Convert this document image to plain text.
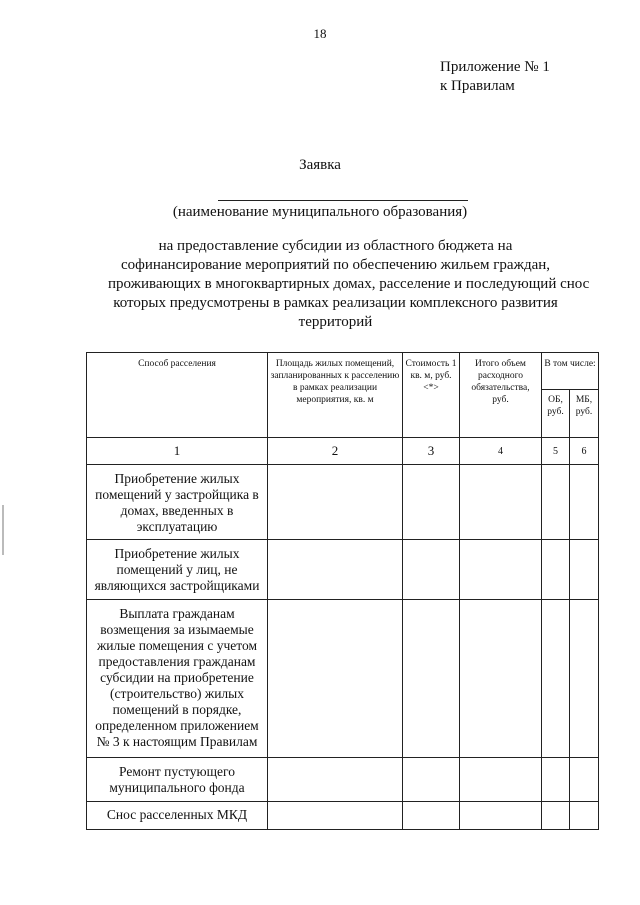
18
Приложение № 1
к Правилам
Заявка
(наименование муниципального образования)
на предоставление субсидии из областного бюджета на
софинансирование мероприятий по обеспечению жильем граждан,
проживающих в многоквартирных домах, расселение и последующий снос
которых предусмотрены в рамках реализации комплексного развития
территорий
Способ расселения	Площадь жилых помещений, запланированных к расселению в рамках реализации мероприятия, кв. м	Стоимость 1 кв. м, руб. <*>	Итого объем расходного обязательства, руб.	В том числе:	
				ОБ, руб.	МБ, руб.
1	2	3	4	5	6
Приобретение жилых помещений у застройщика в домах, введенных в эксплуатацию					
Приобретение жилых помещений у лиц, не являющихся застройщиками					
Выплата гражданам возмещения за изымаемые жилые помещения с учетом предоставления гражданам субсидии на приобретение (строительство) жилых помещений в порядке, определенном приложением № 3 к настоящим Правилам					
Ремонт пустующего муниципального фонда					
Снос расселенных МКД					
